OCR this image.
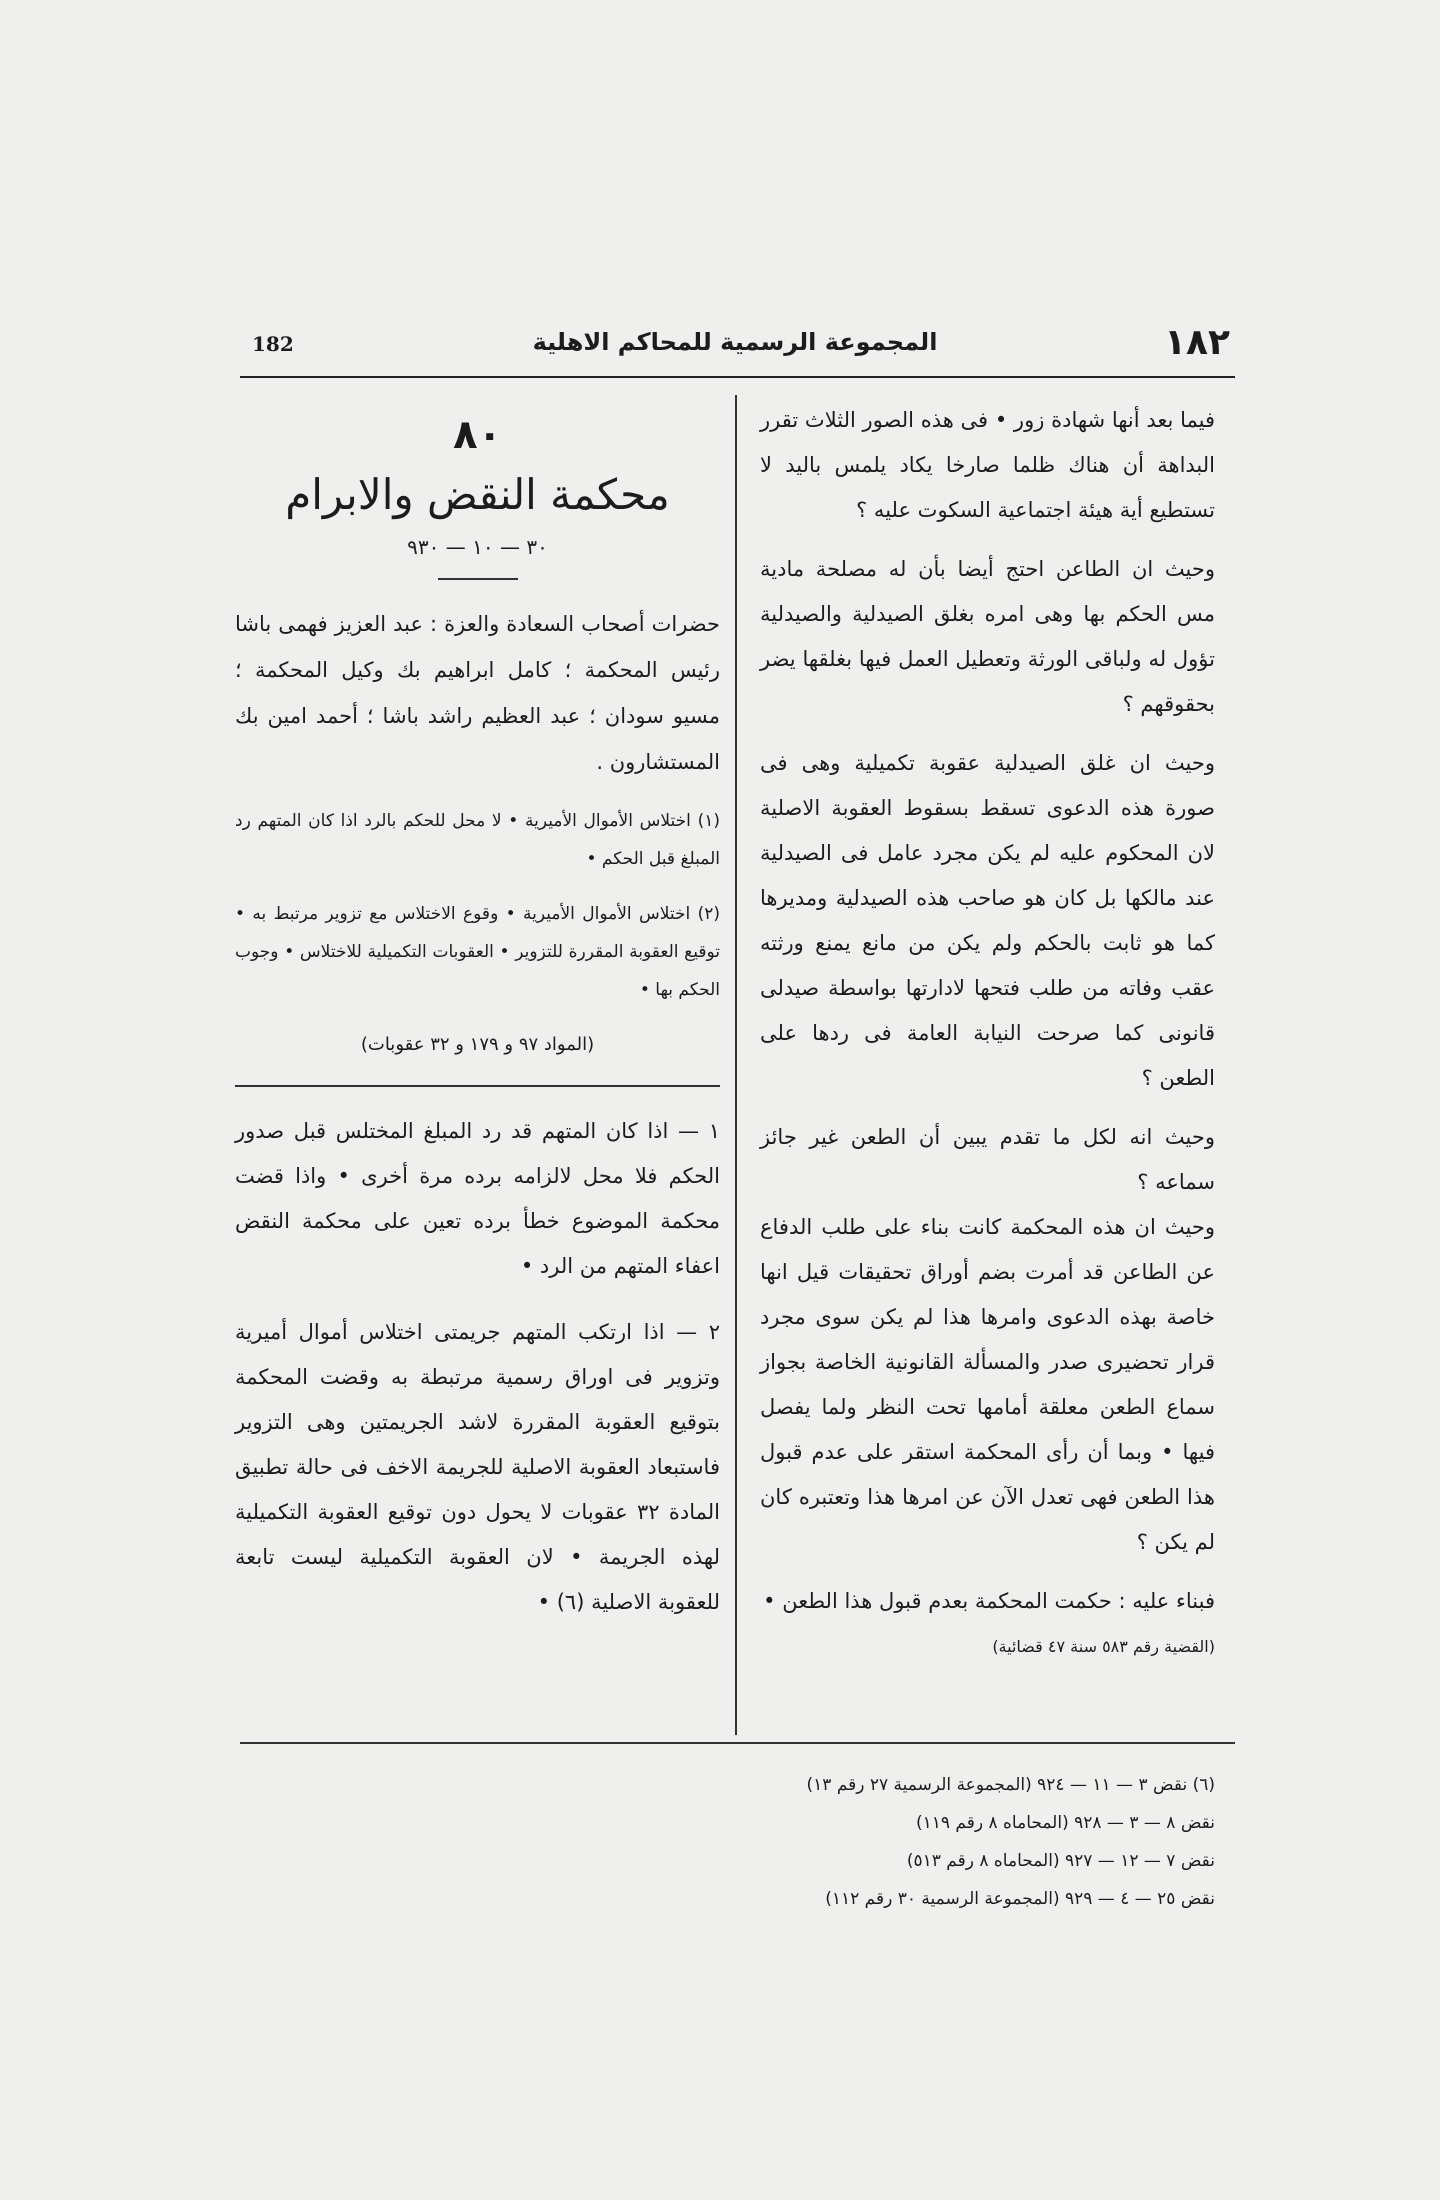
182	المجموعة الرسمية للمحاكم الاهلية	١٨٢

فيما بعد أنها شهادة زور • فى هذه الصور الثلاث تقرر البداهة أن هناك ظلما صارخا يكاد يلمس باليد لا تستطيع أية هيئة اجتماعية السكوت عليه ؟

وحيث ان الطاعن احتج أيضا بأن له مصلحة مادية مس الحكم بها وهى امره بغلق الصيدلية والصيدلية تؤول له ولباقى الورثة وتعطيل العمل فيها بغلقها يضر بحقوقهم ؟

وحيث ان غلق الصيدلية عقوبة تكميلية وهى فى صورة هذه الدعوى تسقط بسقوط العقوبة الاصلية لان المحكوم عليه لم يكن مجرد عامل فى الصيدلية عند مالكها بل كان هو صاحب هذه الصيدلية ومديرها كما هو ثابت بالحكم ولم يكن من مانع يمنع ورثته عقب وفاته من طلب فتحها لادارتها بواسطة صيدلى قانونى كما صرحت النيابة العامة فى ردها على الطعن ؟

وحيث انه لكل ما تقدم يبين أن الطعن غير جائز سماعه ؟

وحيث ان هذه المحكمة كانت بناء على طلب الدفاع عن الطاعن قد أمرت بضم أوراق تحقيقات قيل انها خاصة بهذه الدعوى وامرها هذا لم يكن سوى مجرد قرار تحضيرى صدر والمسألة القانونية الخاصة بجواز سماع الطعن معلقة أمامها تحت النظر ولما يفصل فيها • وبما أن رأى المحكمة استقر على عدم قبول هذا الطعن فهى تعدل الآن عن امرها هذا وتعتبره كان لم يكن ؟

فبناء عليه : حكمت المحكمة بعدم قبول هذا الطعن •

(القضية رقم ٥٨٣ سنة ٤٧ قضائية)

٨٠
محكمة النقض والابرام
٣٠ — ١٠ — ٩٣٠

حضرات أصحاب السعادة والعزة : عبد العزيز فهمى باشا رئيس المحكمة ؛ كامل ابراهيم بك وكيل المحكمة ؛ مسيو سودان ؛ عبد العظيم راشد باشا ؛ أحمد امين بك المستشارون .

(١) اختلاس الأموال الأميرية • لا محل للحكم بالرد اذا كان المتهم رد المبلغ قبل الحكم •

(٢) اختلاس الأموال الأميرية • وقوع الاختلاس مع تزوير مرتبط به • توقيع العقوبة المقررة للتزوير • العقوبات التكميلية للاختلاس • وجوب الحكم بها •

(المواد ٩٧ و ١٧٩ و ٣٢ عقوبات)

١ — اذا كان المتهم قد رد المبلغ المختلس قبل صدور الحكم فلا محل لالزامه برده مرة أخرى • واذا قضت محكمة الموضوع خطأ برده تعين على محكمة النقض اعفاء المتهم من الرد •

٢ — اذا ارتكب المتهم جريمتى اختلاس أموال أميرية وتزوير فى اوراق رسمية مرتبطة به وقضت المحكمة بتوقيع العقوبة المقررة لاشد الجريمتين وهى التزوير فاستبعاد العقوبة الاصلية للجريمة الاخف فى حالة تطبيق المادة ٣٢ عقوبات لا يحول دون توقيع العقوبة التكميلية لهذه الجريمة • لان العقوبة التكميلية ليست تابعة للعقوبة الاصلية (٦) •

(٦) نقض ٣ — ١١ — ٩٢٤ (المجموعة الرسمية ٢٧ رقم ١٣)
نقض ٨ — ٣ — ٩٢٨ (المحاماه ٨ رقم ١١٩)
نقض ٧ — ١٢ — ٩٢٧ (المحاماه ٨ رقم ٥١٣)
نقض ٢٥ — ٤ — ٩٢٩ (المجموعة الرسمية ٣٠ رقم ١١٢)
